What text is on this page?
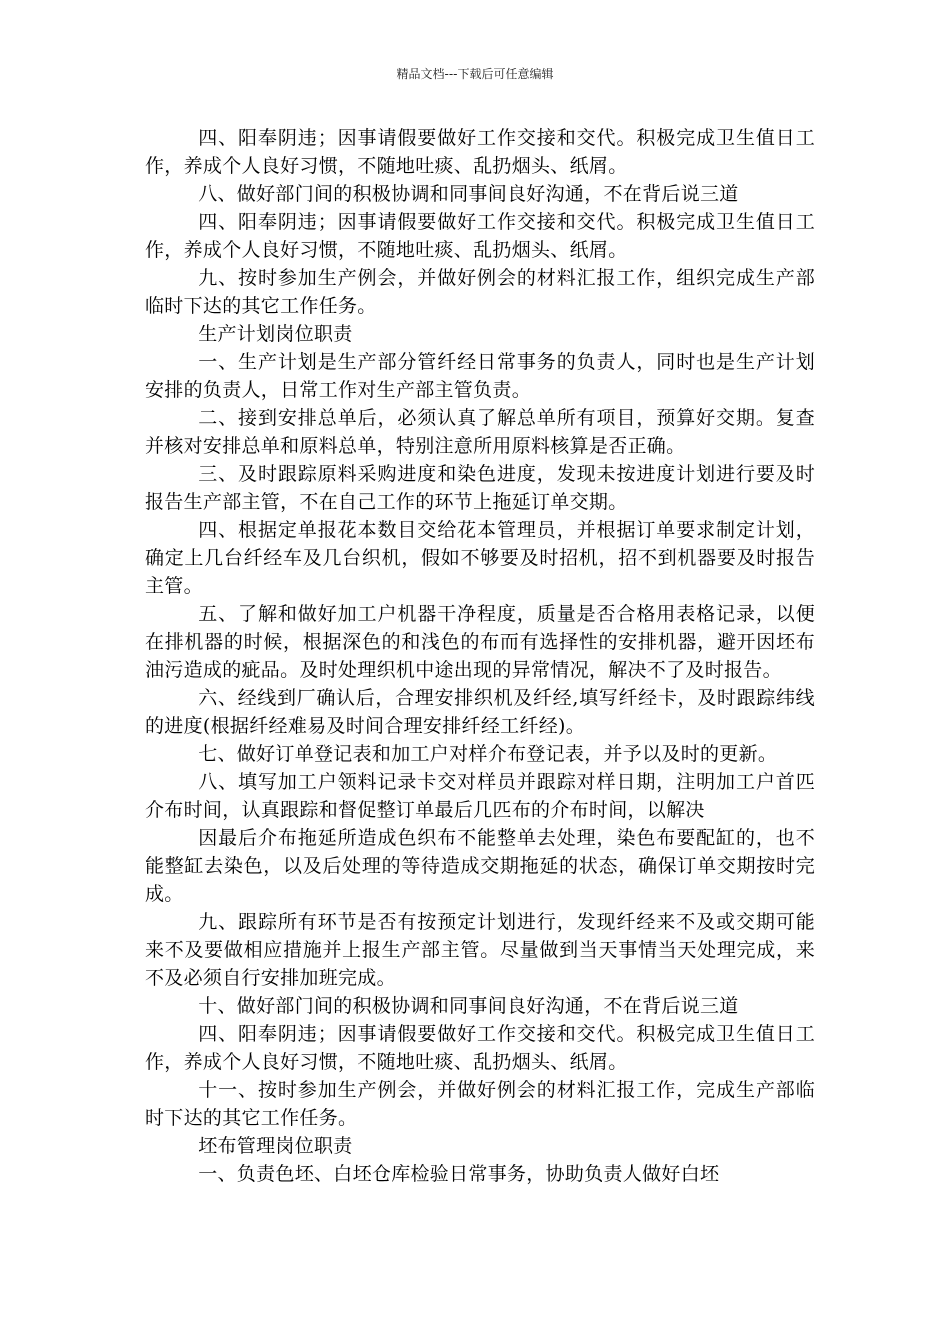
精品文档---下载后可任意编辑

四、阳奉阴违；因事请假要做好工作交接和交代。积极完成卫生值日工作，养成个人良好习惯，不随地吐痰、乱扔烟头、纸屑。

八、做好部门间的积极协调和同事间良好沟通，不在背后说三道

四、阳奉阴违；因事请假要做好工作交接和交代。积极完成卫生值日工作，养成个人良好习惯，不随地吐痰、乱扔烟头、纸屑。

九、按时参加生产例会，并做好例会的材料汇报工作，组织完成生产部临时下达的其它工作任务。

生产计划岗位职责

一、生产计划是生产部分管纤经日常事务的负责人，同时也是生产计划安排的负责人，日常工作对生产部主管负责。

二、接到安排总单后，必须认真了解总单所有项目，预算好交期。复查并核对安排总单和原料总单，特别注意所用原料核算是否正确。

三、及时跟踪原料采购进度和染色进度，发现未按进度计划进行要及时报告生产部主管，不在自己工作的环节上拖延订单交期。

四、根据定单报花本数目交给花本管理员，并根据订单要求制定计划，确定上几台纤经车及几台织机，假如不够要及时招机，招不到机器要及时报告主管。

五、了解和做好加工户机器干净程度，质量是否合格用表格记录，以便在排机器的时候，根据深色的和浅色的布而有选择性的安排机器，避开因坯布油污造成的疵品。及时处理织机中途出现的异常情况，解决不了及时报告。

六、经线到厂确认后，合理安排织机及纤经,填写纤经卡，及时跟踪纬线的进度(根据纤经难易及时间合理安排纤经工纤经)。

七、做好订单登记表和加工户对样介布登记表，并予以及时的更新。

八、填写加工户领料记录卡交对样员并跟踪对样日期，注明加工户首匹介布时间，认真跟踪和督促整订单最后几匹布的介布时间，以解决

因最后介布拖延所造成色织布不能整单去处理，染色布要配缸的，也不能整缸去染色，以及后处理的等待造成交期拖延的状态，确保订单交期按时完成。

九、跟踪所有环节是否有按预定计划进行，发现纤经来不及或交期可能来不及要做相应措施并上报生产部主管。尽量做到当天事情当天处理完成，来不及必须自行安排加班完成。

十、做好部门间的积极协调和同事间良好沟通，不在背后说三道

四、阳奉阴违；因事请假要做好工作交接和交代。积极完成卫生值日工作，养成个人良好习惯，不随地吐痰、乱扔烟头、纸屑。

十一、按时参加生产例会，并做好例会的材料汇报工作，完成生产部临时下达的其它工作任务。

坯布管理岗位职责

一、负责色坯、白坯仓库检验日常事务，协助负责人做好白坯
